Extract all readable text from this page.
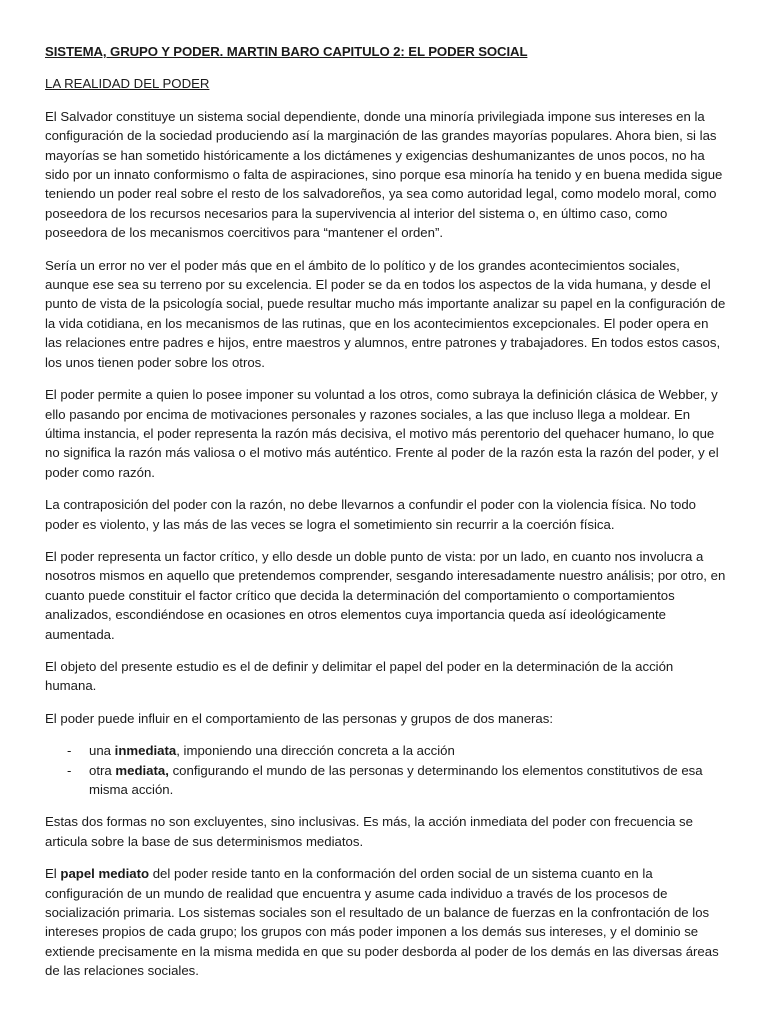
SISTEMA, GRUPO Y PODER. MARTIN BARO CAPITULO 2: EL PODER SOCIAL
LA REALIDAD DEL PODER

El Salvador constituye un sistema social dependiente, donde una minoría privilegiada impone sus intereses en la configuración de la sociedad produciendo así la marginación de las grandes mayorías populares. Ahora bien, si las mayorías se han sometido históricamente a los dictámenes y exigencias deshumanizantes de unos pocos, no ha sido por un innato conformismo o falta de aspiraciones, sino porque esa minoría ha tenido y en buena medida sigue teniendo un poder real sobre el resto de los salvadoreños, ya sea como autoridad legal, como modelo moral, como poseedora de los recursos necesarios para la supervivencia al interior del sistema o, en último caso, como poseedora de los mecanismos coercitivos para “mantener el orden”.

Sería un error no ver el poder más que en el ámbito de lo político y de los grandes acontecimientos sociales, aunque ese sea su terreno por su excelencia. El poder se da en todos los aspectos de la vida humana, y desde el punto de vista de la psicología social, puede resultar mucho más importante analizar su papel en la configuración de la vida cotidiana, en los mecanismos de las rutinas, que en los acontecimientos excepcionales. El poder opera en las relaciones entre padres e hijos, entre maestros y alumnos, entre patrones y trabajadores. En todos estos casos, los unos tienen poder sobre los otros.

El poder permite a quien lo posee imponer su voluntad a los otros, como subraya la definición clásica de Webber, y ello pasando por encima de motivaciones personales y razones sociales, a las que incluso llega a moldear. En última instancia, el poder representa la razón más decisiva, el motivo más perentorio del quehacer humano, lo que no significa la razón más valiosa o el motivo más auténtico. Frente al poder de la razón esta la razón del poder, y el poder como razón.

La contraposición del poder con la razón, no debe llevarnos a confundir el poder con la violencia física. No todo poder es violento, y las más de las veces se logra el sometimiento sin recurrir a la coerción física.

El poder representa un factor crítico, y ello desde un doble punto de vista: por un lado, en cuanto nos involucra a nosotros mismos en aquello que pretendemos comprender, sesgando interesadamente nuestro análisis; por otro, en cuanto puede constituir el factor crítico que decida la determinación del comportamiento o comportamientos analizados, escondiéndose en ocasiones en otros elementos cuya importancia queda así ideológicamente aumentada.

El objeto del presente estudio es el de definir y delimitar el papel del poder en la determinación de la acción humana.

El poder puede influir en el comportamiento de las personas y grupos de dos maneras:

- una inmediata, imponiendo una dirección concreta a la acción
- otra mediata, configurando el mundo de las personas y determinando los elementos constitutivos de esa misma acción.

Estas dos formas no son excluyentes, sino inclusivas. Es más, la acción inmediata del poder con frecuencia se articula sobre la base de sus determinismos mediatos.

El papel mediato del poder reside tanto en la conformación del orden social de un sistema cuanto en la configuración de un mundo de realidad que encuentra y asume cada individuo a través de los procesos de socialización primaria. Los sistemas sociales son el resultado de un balance de fuerzas en la confrontación de los intereses propios de cada grupo; los grupos con más poder imponen a los demás sus intereses, y el dominio se extiende precisamente en la misma medida en que su poder desborda al poder de los demás en las diversas áreas de las relaciones sociales.
